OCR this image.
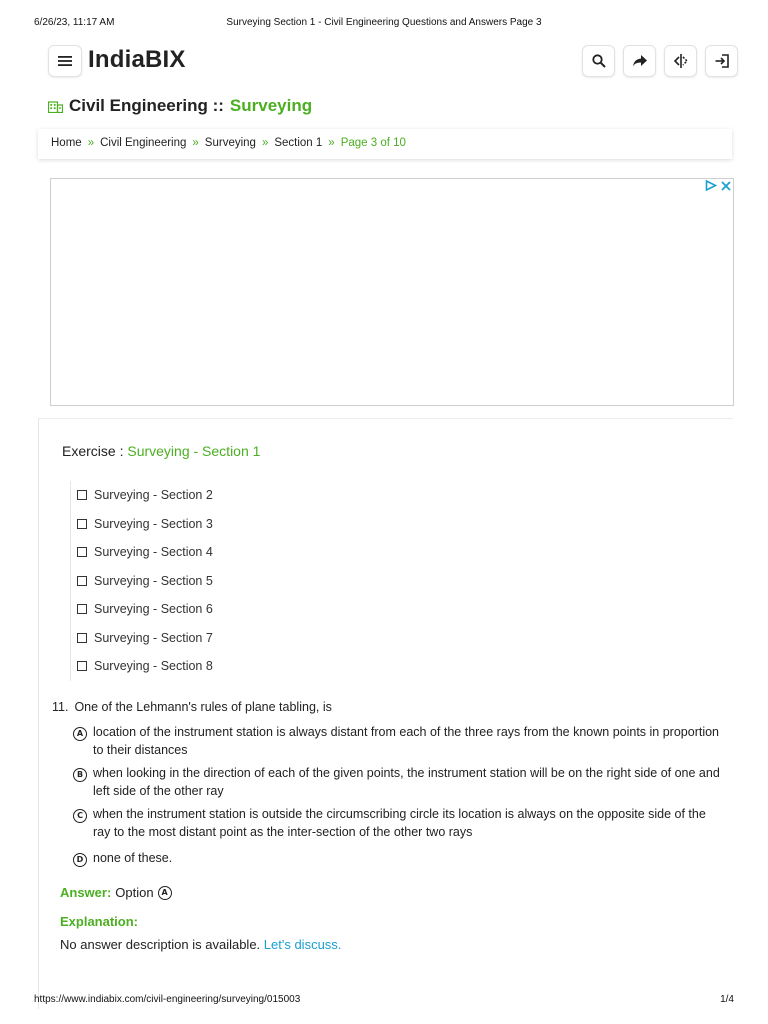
6/26/23, 11:17 AM	Surveying Section 1 - Civil Engineering Questions and Answers Page 3
IndiaBIX
Civil Engineering :: Surveying
Home » Civil Engineering » Surveying » Section 1 » Page 3 of 10
Exercise : Surveying - Section 1
Surveying - Section 2
Surveying - Section 3
Surveying - Section 4
Surveying - Section 5
Surveying - Section 6
Surveying - Section 7
Surveying - Section 8
11. One of the Lehmann's rules of plane tabling, is
A location of the instrument station is always distant from each of the three rays from the known points in proportion to their distances
B when looking in the direction of each of the given points, the instrument station will be on the right side of one and left side of the other ray
C when the instrument station is outside the circumscribing circle its location is always on the opposite side of the ray to the most distant point as the inter-section of the other two rays
D none of these.
Answer: Option A
Explanation:
No answer description is available. Let's discuss.
https://www.indiabix.com/civil-engineering/surveying/015003	1/4
